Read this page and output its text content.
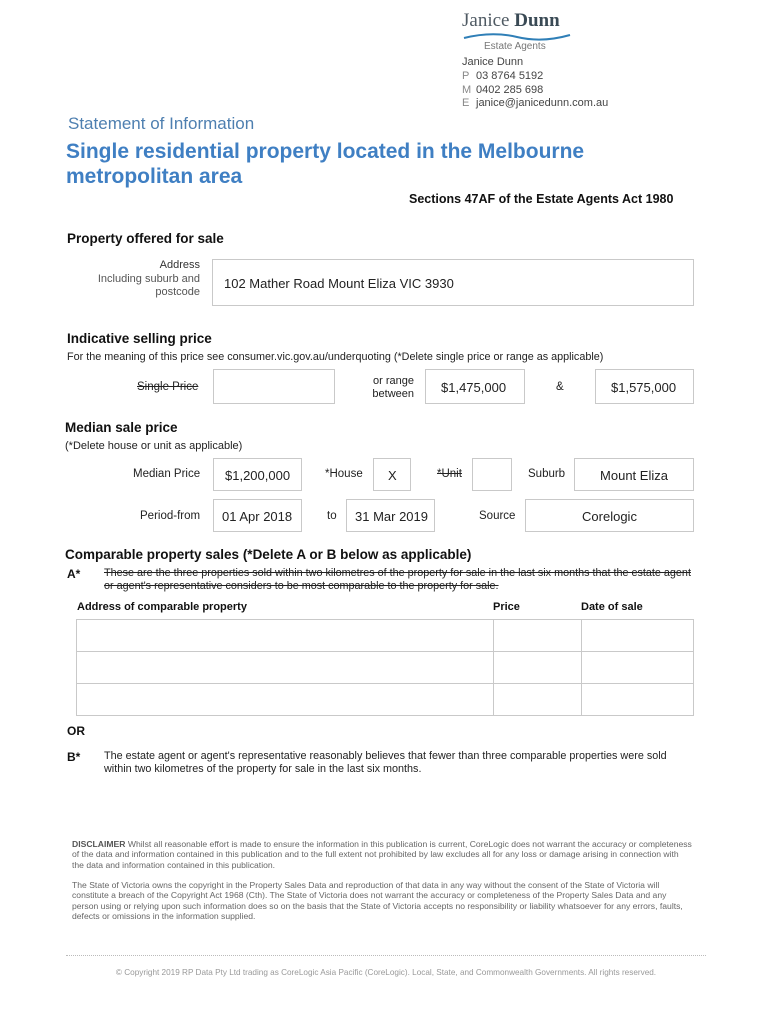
Janice Dunn
Estate Agents
Janice Dunn
P 03 8764 5192
M 0402 285 698
E janice@janicedunn.com.au
Statement of Information
Single residential property located in the Melbourne
metropolitan area
Sections 47AF of the Estate Agents Act 1980
Property offered for sale
Address
Including suburb and
postcode
102 Mather Road Mount Eliza VIC 3930
Indicative selling price
For the meaning of this price see consumer.vic.gov.au/underquoting (*Delete single price or range as applicable)
Single Price	or range
between $1,475,000	&	$1,575,000
Median sale price
(*Delete house or unit as applicable)
Median Price $1,200,000	*House X	*Unit	Suburb	Mount Eliza
Period-from 01 Apr 2018	to 31 Mar 2019	Source	Corelogic
Comparable property sales (*Delete A or B below as applicable)
A* These are the three properties sold within two kilometres of the property for sale in the last six months that the estate agent or agent's representative considers to be most comparable to the property for sale.
Address of comparable property	Price	Date of sale

OR
B* The estate agent or agent's representative reasonably believes that fewer than three comparable properties were sold within two kilometres of the property for sale in the last six months.
DISCLAIMER Whilst all reasonable effort is made to ensure the information in this publication is current, CoreLogic does not warrant the accuracy or completeness of the data and information contained in this publication and to the full extent not prohibited by law excludes all for any loss or damage arising in connection with the data and information contained in this publication.
The State of Victoria owns the copyright in the Property Sales Data and reproduction of that data in any way without the consent of the State of Victoria will constitute a breach of the Copyright Act 1968 (Cth). The State of Victoria does not warrant the accuracy or completeness of the Property Sales Data and any person using or relying upon such information does so on the basis that the State of Victoria accepts no responsibility or liability whatsoever for any errors, faults, defects or omissions in the information supplied.
© Copyright 2019 RP Data Pty Ltd trading as CoreLogic Asia Pacific (CoreLogic). Local, State, and Commonwealth Governments. All rights reserved.
